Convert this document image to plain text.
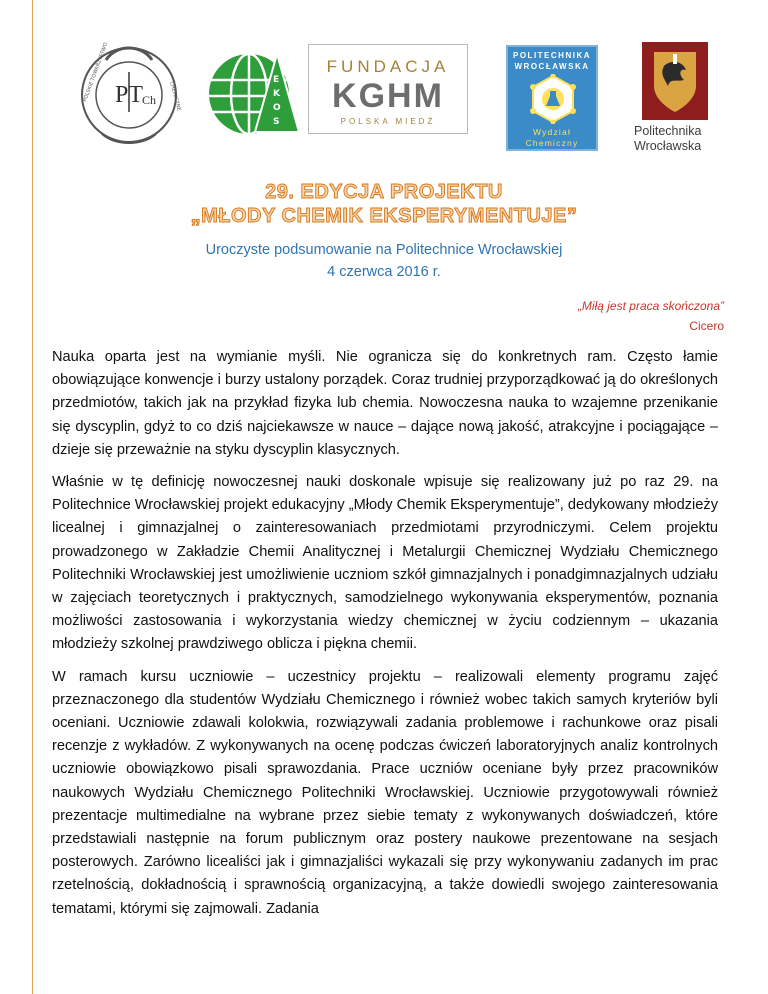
POLSKIE TOWARZYSTWO	CHEMICZNE
PT
Ch
E
K
O
S
FUNDACJA
KGHM
POLSKA MIEDŹ
POLITECHNIKA
WROCŁAWSKA
Wydział
Chemiczny
Politechnika
Wrocławska
29. EDYCJA PROJEKTU
„MŁODY CHEMIK EKSPERYMENTUJE”
Uroczyste podsumowanie na Politechnice Wrocławskiej
4 czerwca 2016 r.
„Miłą jest praca skończona”
Cicero

Nauka oparta jest na wymianie myśli. Nie ogranicza się do konkretnych ram. Często łamie obowiązujące konwencje i burzy ustalony porządek. Coraz trudniej przyporządkować ją do określonych przedmiotów, takich jak na przykład fizyka lub chemia. Nowoczesna nauka to wzajemne przenikanie się dyscyplin, gdyż to co dziś najciekawsze w nauce – dające nową jakość, atrakcyjne i pociągające – dzieje się przeważnie na styku dyscyplin klasycznych.

Właśnie w tę definicję nowoczesnej nauki doskonale wpisuje się realizowany już po raz 29. na Politechnice Wrocławskiej projekt edukacyjny „Młody Chemik Eksperymentuje”, dedykowany młodzieży licealnej i gimnazjalnej o zainteresowaniach przedmiotami przyrodniczymi. Celem projektu prowadzonego w Zakładzie Chemii Analitycznej i Metalurgii Chemicznej Wydziału Chemicznego Politechniki Wrocławskiej jest umożliwienie uczniom szkół gimnazjalnych i ponadgimnazjalnych udziału w zajęciach teoretycznych i praktycznych, samodzielnego wykonywania eksperymentów, poznania możliwości zastosowania i wykorzystania wiedzy chemicznej w życiu codziennym – ukazania młodzieży szkolnej prawdziwego oblicza i piękna chemii.

W ramach kursu uczniowie – uczestnicy projektu – realizowali elementy programu zajęć przeznaczonego dla studentów Wydziału Chemicznego i również wobec takich samych kryteriów byli oceniani. Uczniowie zdawali kolokwia, rozwiązywali zadania problemowe i rachunkowe oraz pisali recenzje z wykładów. Z wykonywanych na ocenę podczas ćwiczeń laboratoryjnych analiz kontrolnych uczniowie obowiązkowo pisali sprawozdania. Prace uczniów oceniane były przez pracowników naukowych Wydziału Chemicznego Politechniki Wrocławskiej. Uczniowie przygotowywali również prezentacje multimedialne na wybrane przez siebie tematy z wykonywanych doświadczeń, które przedstawiali następnie na forum publicznym oraz postery naukowe prezentowane na sesjach posterowych. Zarówno licealiści jak i gimnazjaliści wykazali się przy wykonywaniu zadanych im prac rzetelnością, dokładnością i sprawnością organizacyjną, a także dowiedli swojego zainteresowania tematami, którymi się zajmowali. Zadania
